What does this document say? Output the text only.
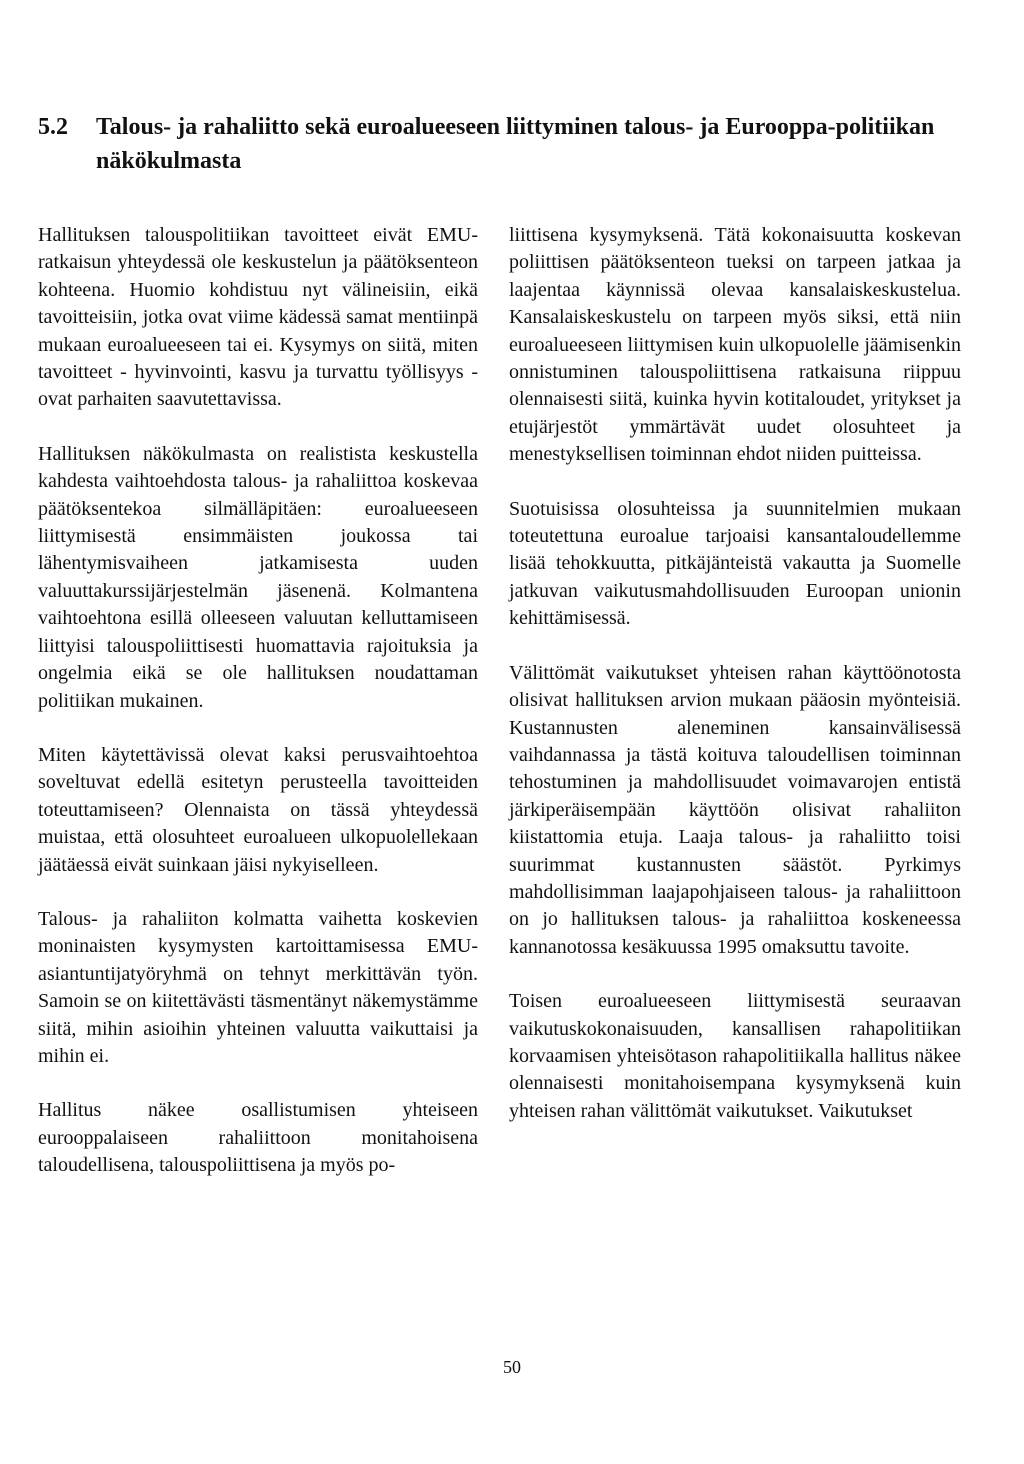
5.2 Talous- ja rahaliitto sekä euroalueeseen liittyminen talous- ja Eurooppa-politiikan näkökulmasta

Hallituksen talouspolitiikan tavoitteet eivät EMU-ratkaisun yhteydessä ole keskustelun ja päätöksenteon kohteena. Huomio kohdistuu nyt välineisiin, eikä tavoitteisiin, jotka ovat viime kädessä samat mentiinpä mukaan euroalueeseen tai ei. Kysymys on siitä, miten tavoitteet - hyvinvointi, kasvu ja turvattu työllisyys - ovat parhaiten saavutettavissa.

Hallituksen näkökulmasta on realistista keskustella kahdesta vaihtoehdosta talous- ja rahaliittoa koskevaa päätöksentekoa silmälläpitäen: euroalueeseen liittymisestä ensimmäisten joukossa tai lähentymisvaiheen jatkamisesta uuden valuuttakurssijärjestelmän jäsenenä. Kolmantena vaihtoehtona esillä olleeseen valuutan kelluttamiseen liittyisi talouspoliittisesti huomattavia rajoituksia ja ongelmia eikä se ole hallituksen noudattaman politiikan mukainen.

Miten käytettävissä olevat kaksi perusvaihtoehtoa soveltuvat edellä esitetyn perusteella tavoitteiden toteuttamiseen? Olennaista on tässä yhteydessä muistaa, että olosuhteet euroalueen ulkopuolellekaan jäätäessä eivät suinkaan jäisi nykyiselleen.

Talous- ja rahaliiton kolmatta vaihetta koskevien moninaisten kysymysten kartoittamisessa EMU-asiantuntijatyöryhmä on tehnyt merkittävän työn. Samoin se on kiitettävästi täsmentänyt näkemystämme siitä, mihin asioihin yhteinen valuutta vaikuttaisi ja mihin ei.

Hallitus näkee osallistumisen yhteiseen eurooppalaiseen rahaliittoon monitahoisena taloudellisena, talouspoliittisena ja myös po-

liittisena kysymyksenä. Tätä kokonaisuutta koskevan poliittisen päätöksenteon tueksi on tarpeen jatkaa ja laajentaa käynnissä olevaa kansalaiskeskustelua. Kansalaiskeskustelu on tarpeen myös siksi, että niin euroalueeseen liittymisen kuin ulkopuolelle jäämisenkin onnistuminen talouspoliittisena ratkaisuna riippuu olennaisesti siitä, kuinka hyvin kotitaloudet, yritykset ja etujärjestöt ymmärtävät uudet olosuhteet ja menestyksellisen toiminnan ehdot niiden puitteissa.

Suotuisissa olosuhteissa ja suunnitelmien mukaan toteutettuna euroalue tarjoaisi kansantaloudellemme lisää tehokkuutta, pitkäjänteistä vakautta ja Suomelle jatkuvan vaikutusmahdollisuuden Euroopan unionin kehittämisessä.

Välittömät vaikutukset yhteisen rahan käyttöönotosta olisivat hallituksen arvion mukaan pääosin myönteisiä. Kustannusten aleneminen kansainvälisessä vaihdannassa ja tästä koituva taloudellisen toiminnan tehostuminen ja mahdollisuudet voimavarojen entistä järkiperäisempään käyttöön olisivat rahaliiton kiistattomia etuja. Laaja talous- ja rahaliitto toisi suurimmat kustannusten säästöt. Pyrkimys mahdollisimman laajapohjaiseen talous- ja rahaliittoon on jo hallituksen talous- ja rahaliittoa koskeneessa kannanotossa kesäkuussa 1995 omaksuttu tavoite.

Toisen euroalueeseen liittymisestä seuraavan vaikutuskokonaisuuden, kansallisen rahapolitiikan korvaamisen yhteisötason rahapolitiikalla hallitus näkee olennaisesti monitahoisempana kysymyksenä kuin yhteisen rahan välittömät vaikutukset. Vaikutukset

50
